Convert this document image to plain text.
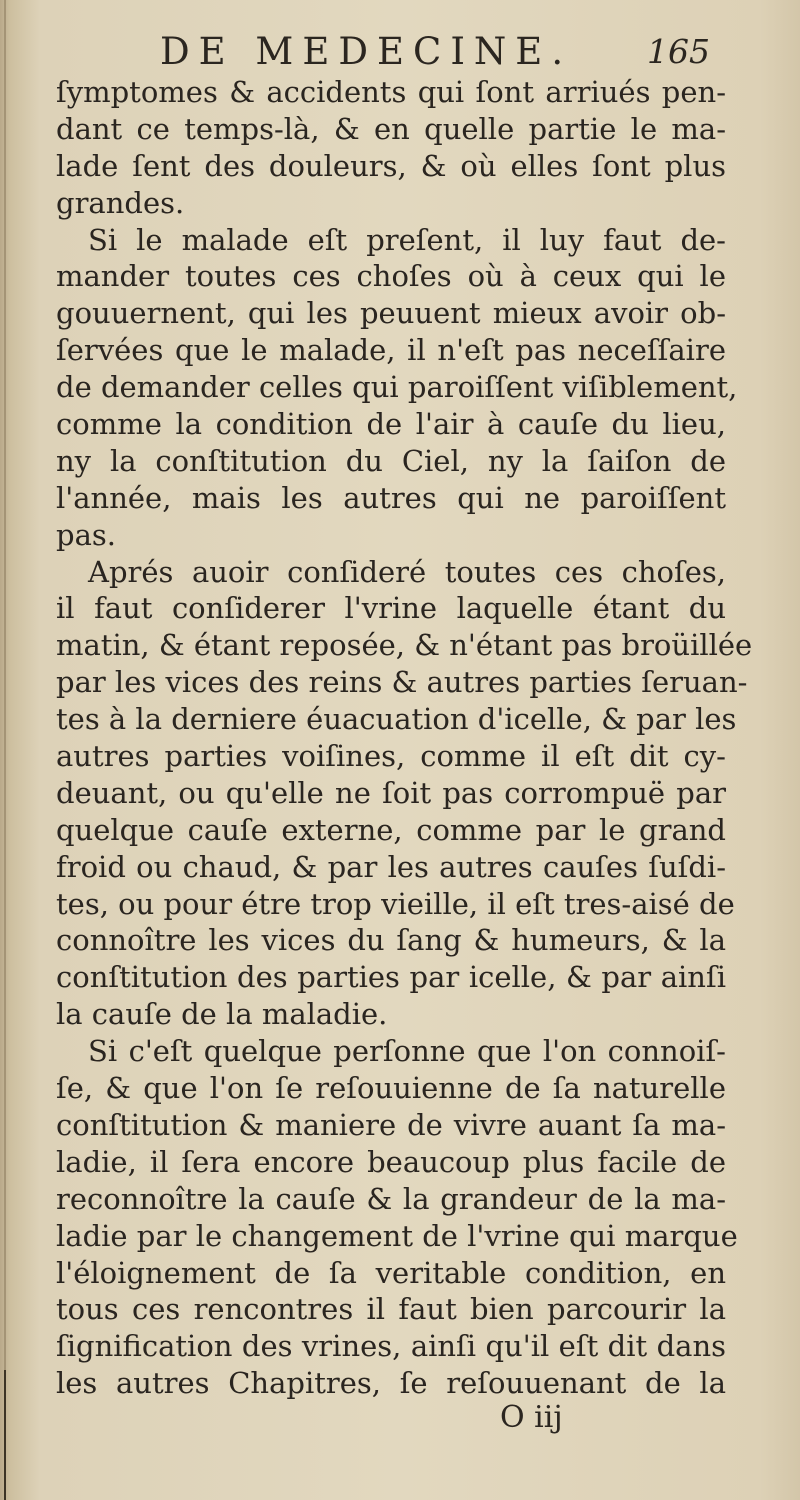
DE MEDECINE. 165
ſymptomes & accidents qui ſont arriués pen-
dant ce temps-là, & en quelle partie le ma-
lade ſent des douleurs, & où elles ſont plus
grandes.
Si le malade eſt preſent, il luy faut de-
mander toutes ces choſes où à ceux qui le
gouuernent, qui les peuuent mieux avoir ob-
ſervées que le malade, il n'eſt pas neceſſaire
de demander celles qui paroiſſent viſiblement,
comme la condition de l'air à cauſe du lieu,
ny la conſtitution du Ciel, ny la ſaiſon de
l'année, mais les autres qui ne paroiſſent
pas.
Aprés auoir conſideré toutes ces choſes,
il faut conſiderer l'vrine laquelle étant du
matin, & étant reposée, & n'étant pas broüillée
par les vices des reins & autres parties ſeruan-
tes à la derniere éuacuation d'icelle, & par les
autres parties voiſines, comme il eſt dit cy-
deuant, ou qu'elle ne ſoit pas corrompuë par
quelque cauſe externe, comme par le grand
froid ou chaud, & par les autres cauſes ſuſdi-
tes, ou pour étre trop vieille, il eſt tres-aisé de
connoître les vices du ſang & humeurs, & la
conſtitution des parties par icelle, & par ainſi
la cauſe de la maladie.
Si c'eſt quelque perſonne que l'on connoiſ-
ſe, & que l'on ſe reſouuienne de ſa naturelle
conſtitution & maniere de vivre auant ſa ma-
ladie, il ſera encore beaucoup plus facile de
reconnoître la cauſe & la grandeur de la ma-
ladie par le changement de l'vrine qui marque
l'éloignement de ſa veritable condition, en
tous ces rencontres il faut bien parcourir la
ſignification des vrines, ainſi qu'il eſt dit dans
les autres Chapitres, ſe reſouuenant de la
O iij
